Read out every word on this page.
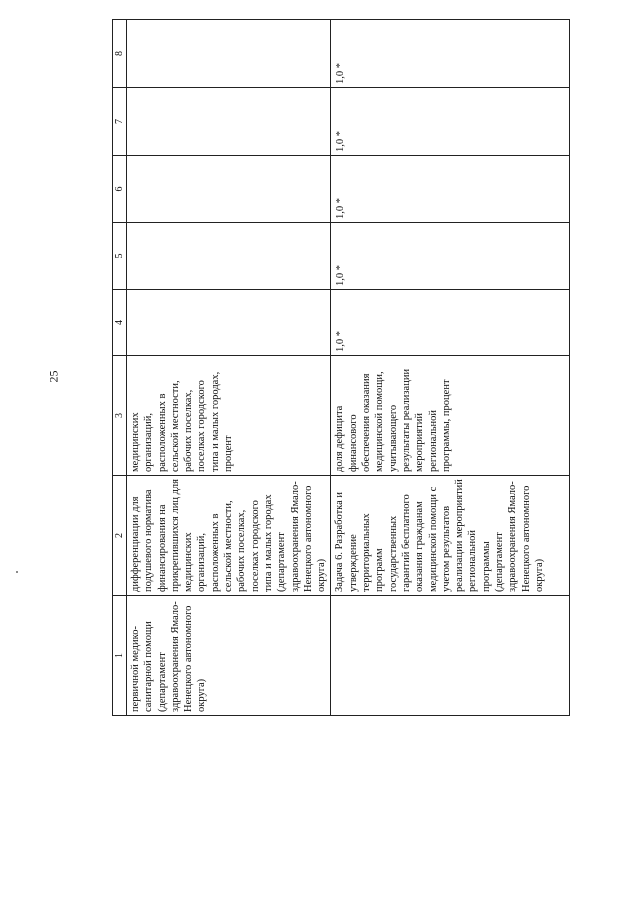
25
1	2	3	4	5	6	7	8
первичной медико-санитарной помощи (департамент здравоохранения Ямало-Ненецкого автономного округа)	дифференциации для подушевого норматива финансирования на прикрепившихся лиц для медицинских организаций, расположенных в сельской местности, рабочих поселках, поселках городского типа и малых городах (департамент здравоохранения Ямало-Ненецкого автономного округа)	медицинских организаций, расположенных в сельской местности, рабочих поселках, поселках городского типа и малых городах, процент					
	Задача 6. Разработка и утверждение территориальных программ государственных гарантий бесплатного оказания гражданам медицинской помощи с учетом результатов реализации мероприятий региональной программы (департамент здравоохранения Ямало-Ненецкого автономного округа)	доля дефицита финансового обеспечения оказания медицинской помощи, учитывающего результаты реализации мероприятий региональной программы, процент	1,0 *	1,0 *	1,0 *	1,0 *	1,0 *
